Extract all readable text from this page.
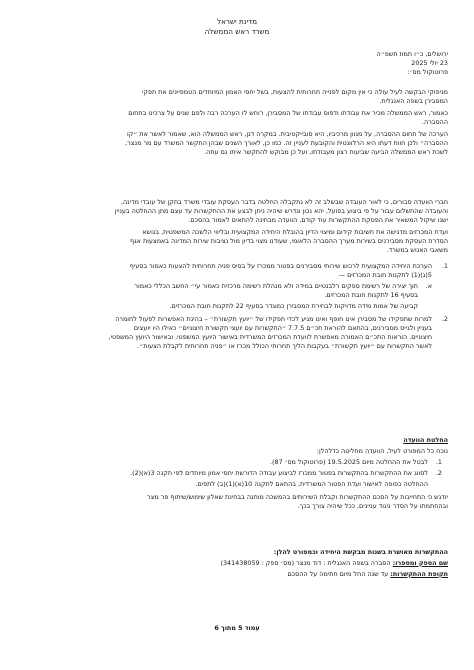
מדינת ישראל
משרד ראש הממשלה
ירושלים, כ״ו תמוז תשפ״ה
23 יולי 2025
פרוטוקול מס׳:

מניפוקי הבקשה לעיל עולה כי אין מקום לפנייה תחרותית להצעות, בשל יחסי האמון המיוחדים הטמפיינים את תפקי

המסבירן בשפה האנגלית.

כאמור, ראש הממשלה מכיר את עבודתו ודפוס עבודתו של המסבירן, רוחש לו הערכה רבה ולפם שנים על צרכינו בתחום

ההסברה.

הערכה של תחום ההסברה, על מגוון מרכיביו, היא סובייקטיבית. במקרה דנן, ראש הממשלה הוא, שאמור לאשר את ״קו

ההסברה״ ולכן חוות דעתו היא הרלוונטית והקובעת לעניין זה. כמו כן, לאורך השנים שבהן התקשר המשרד עם מר מנצר,

לשכת ראש הממשלה הביעה שביעות רצון מעבודתו, ועל כן מבוקש להתקשר איתו גם עתה.

חברי הוועדה סבורים, כי לאור העובדה שבשלב זה לא נתקבלה החלטה בדבר העסקת עובדי משרד בתקן של עובדי מדינה,

והעובדה שהתשלום עבור על פי ביצוע בפועל, יהא נכון ונדרש שיהיה ניתן לבצע את ההתקשרות עד עצם מתן ההחלטה בעניין

ישנו שיקול המשאיר את הפסקת ההתקשרות עוד קודם, הוועדה מבחינה להתאים לאמור בהסכם.

ועדת המכרזים מדגישה את חשיבות קידום ומיצוי הדיון בהובלת היחידה המקצועית ובליווי הלשכה המשפטית, בנושא

הסדרת העסקת מסבירנים בשירות מערך ההסברה הלאומי, שעודנו מצוי בדיון מול נציבות שירות המדינה באמצעות אגף

משאבי האנוש במשרד.

1.

הערכת היחידה המקצועית לרכוש שירותי מסבירנים בפטור ממכרז על בסיס פניה תחרותית להצעות כאמור בסעיף

5(ג)(1) לתקנות חובת המכרזים —

א.

תוך יצירה של רשימת ספקים רלבנטיים במידה ולא מנהלת רשימה מרכזית כאמור עי״ החשב הכללי כאמור

בסעיף 16 לתקנות חובת המכרזים.

קביעה של אמות מידה מדויקות לבחירת המסבירן כמוגדר בסעיף 22 לתקנות חובת המכרזים.

2.

למרות שתפקידו של מסבירן אינו חופף ואינו מגיע לכדי תפקידו של ״יועץ תקשורת״ – בהינת האפשרות לפעול לחומרה

בעניין ולגייס מסבירנים, בהתאם להוראת תכ״ם 7.7.5 ״התקשרות עם יועצי תקשורת חיצוניים״ כאילו היו יועצים

חיצוניים. הוראות התכ״ם האמורה מאפשרת לוועדת המכרזים המשרדית באישור היועץ המשפטי, ובאישור היועץ המשפטי,

לאשר התקשרות עם ״יועץ תקשורת״ בעקבות הליך תחרותי הכולל מכרז או ״פניה תחרותית לקבלת הצעות״.

החלטת הוועדה

נוכח כל המפורט לעיל, הוועדה מחליטה כדלהלן:

1.

לבטל את ההחלטה מיום 19.5.2025 (פרוטוקול מס׳ 87).

2.

לסווג את ההתקשרות בהתקשרות בפטור ממכרז לביצוע עבודה הדורשת יחסי אמון מיוחדים לפי תקנה 3(א)(2).

ההחלטה כפופה לאישור ועדת הפטור המשרדית, בהתאם לתקנה 10(א)(1)(ב) לתפים.

יודגש כי התחייבות על הסכם ההתקשרות וקבלת השירותים בהמשכה מותנה בבחינת שאלון שימוש/שיתוף פר מצר

ובהחתמתו על הסדר ניגוד עניינים, ככל שיהיה צורך בכך.

ההתקשרות מאושרת בשנות מבקשת היחידה וכמפורט להלן:

שם הספק ומספרו: הסברה בשפה האנגלית : דוד מנצר (מס׳ ספק : 341438059)

תקופת ההתקשרות: עד שנה החל מיום חתימה על ההסכם

עמוד 5 מתוך 6
